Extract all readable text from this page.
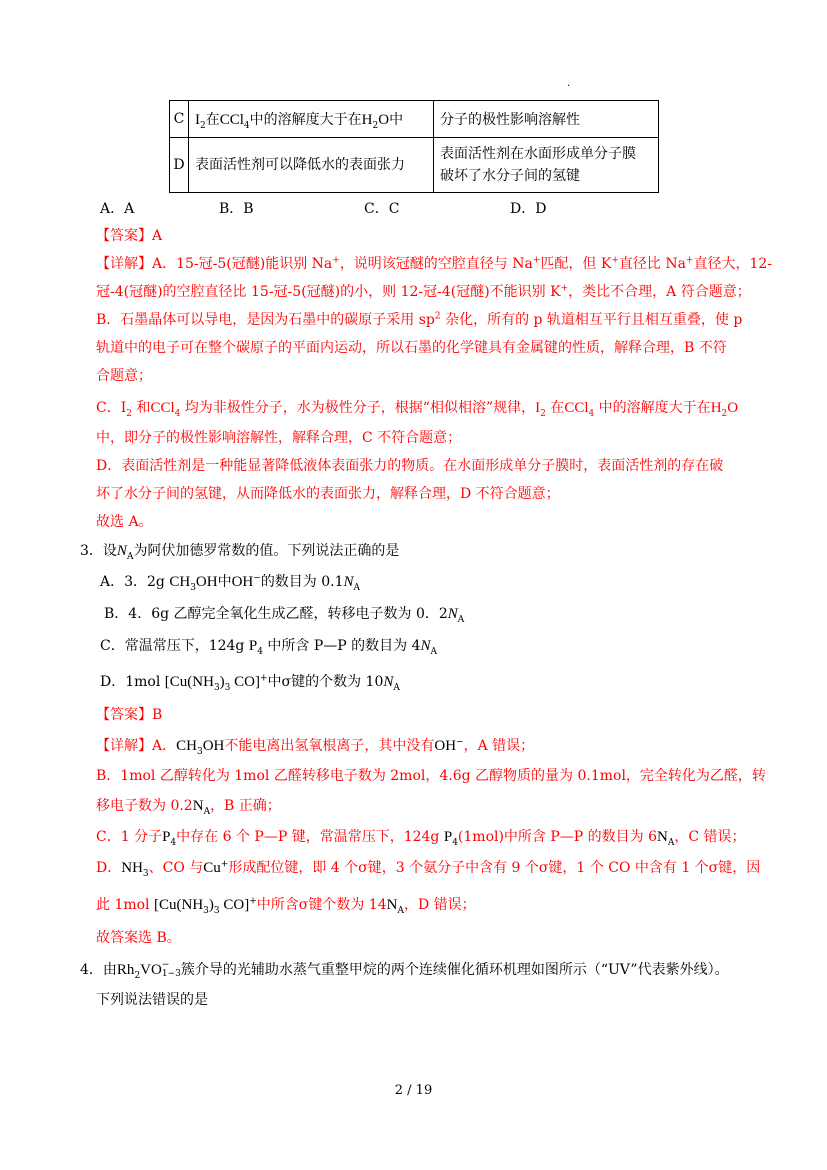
.
C	$I_2$在CCl$_4$中的溶解度大于在$H_2O$中	分子的极性影响溶解性
D	表面活性剂可以降低水的表面张力	表面活性剂在水面形成单分子膜
破坏了水分子间的氢键
A．A	B．B	C．C	D．D
【答案】A
【详解】A．15-冠-5(冠醚)能识别 Na+，说明该冠醚的空腔直径与 Na+匹配，但 K+直径比 Na+直径大，12-
冠-4(冠醚)的空腔直径比 15-冠-5(冠醚)的小，则 12-冠-4(冠醚)不能识别 K+，类比不合理，A 符合题意；
B．石墨晶体可以导电，是因为石墨中的碳原子采用 $sp^2$ 杂化，所有的 p 轨道相互平行且相互重叠，使 p
轨道中的电子可在整个碳原子的平面内运动，所以石墨的化学键具有金属键的性质，解释合理，B 不符
合题意；
C．$I_2$ 和CCl$_4$ 均为非极性分子，水为极性分子，根据“相似相溶”规律，$I_2$ 在CCl$_4$ 中的溶解度大于在$H_2O$
中，即分子的极性影响溶解性，解释合理，C 不符合题意；
D．表面活性剂是一种能显著降低液体表面张力的物质。在水面形成单分子膜时，表面活性剂的存在破
坏了水分子间的氢键，从而降低水的表面张力，解释合理，D 不符合题意；
故选 A。
3．设$N_A$为阿伏加德罗常数的值。下列说法正确的是
A．3．2g $CH_3OH$中OH−的数目为 $0.1N_A$
B．4．6g 乙醇完全氧化生成乙醛，转移电子数为 0．$2N_A$
C．常温常压下，124g $P_4$ 中所含 P—P 的数目为 $4N_A$
D．1mol [$Cu(NH_3)_3$ CO]+中σ键的个数为 $10N_A$
【答案】B
【详解】A．$CH_3OH$不能电离出氢氧根离子，其中没有OH−，A 错误；
B．1mol 乙醇转化为 1mol 乙醛转移电子数为 2mol，4.6g 乙醇物质的量为 0.1mol，完全转化为乙醛，转
移电子数为 $0.2N_A$，B 正确；
C．1 分子$P_4$中存在 6 个 P—P 键，常温常压下，124g $P_4(1mol)$中所含 P—P 的数目为 $6N_A$，C 错误；
D．$NH_3$、CO 与Cu+形成配位键，即 4 个σ键，3 个氨分子中含有 9 个σ键，1 个 CO 中含有 1 个σ键，因
此 1mol [$Cu(NH_3)_3$ CO]+中所含σ键个数为 $14N_A$，D 错误；
故答案选 B。
4．由$Rh_2VO$ −
1−3 簇介导的光辅助水蒸气重整甲烷的两个连续催化循环机理如图所示（“UV”代表紫外线）。
下列说法错误的是
2 / 19
